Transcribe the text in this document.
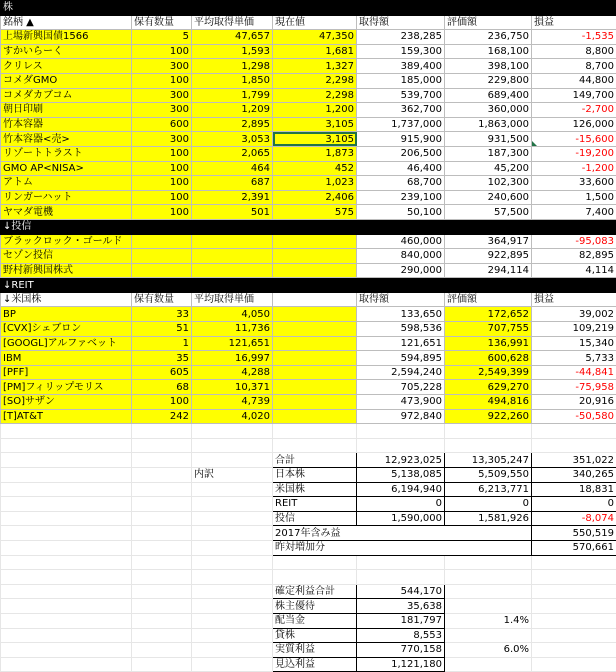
株						
銘柄 ▲	保有数量	平均取得単価	現在値	取得額	評価額	損益
上場新興国債1566	5	47,657	47,350	238,285	236,750	-1,535
すかいらーく	100	1,593	1,681	159,300	168,100	8,800
クリレス	300	1,298	1,327	389,400	398,100	8,700
コメダGMO	100	1,850	2,298	185,000	229,800	44,800
コメダカブコム	300	1,799	2,298	539,700	689,400	149,700
朝日印刷	300	1,209	1,200	362,700	360,000	-2,700
竹本容器	600	2,895	3,105	1,737,000	1,863,000	126,000
竹本容器<売>	300	3,053	3,105	915,900	931,500	-15,600
リゾートトラスト	100	2,065	1,873	206,500	187,300	-19,200
GMO AP<NISA>	100	464	452	46,400	45,200	-1,200
アトム	100	687	1,023	68,700	102,300	33,600
リンガーハット	100	2,391	2,406	239,100	240,600	1,500
ヤマダ電機	100	501	575	50,100	57,500	7,400
↓投信						
ブラックロック・ゴールド				460,000	364,917	-95,083
セゾン投信				840,000	922,895	82,895
野村新興国株式				290,000	294,114	4,114
↓REIT						
↓米国株	保有数量	平均取得単価		取得額	評価額	損益
BP	33	4,050		133,650	172,652	39,002
[CVX]シェブロン	51	11,736		598,536	707,755	109,219
[GOOGL]アルファベット	1	121,651		121,651	136,991	15,340
IBM	35	16,997		594,895	600,628	5,733
[PFF]	605	4,288		2,594,240	2,549,399	-44,841
[PM]フィリップモリス	68	10,371		705,228	629,270	-75,958
[SO]サザン	100	4,739		473,900	494,816	20,916
[T]AT&T	242	4,020		972,840	922,260	-50,580

			合計	12,923,025	13,305,247	351,022
		内訳	日本株	5,138,085	5,509,550	340,265
			米国株	6,194,940	6,213,771	18,831
			REIT	0	0	0
			投信	1,590,000	1,581,926	-8,074
			2017年含み益			550,519
			昨対増加分			570,661

			確定利益合計	544,170		
			株主優待	35,638		
			配当金	181,797	1.4%	
			貸株	8,553		
			実質利益	770,158	6.0%	
			見込利益	1,121,180		
